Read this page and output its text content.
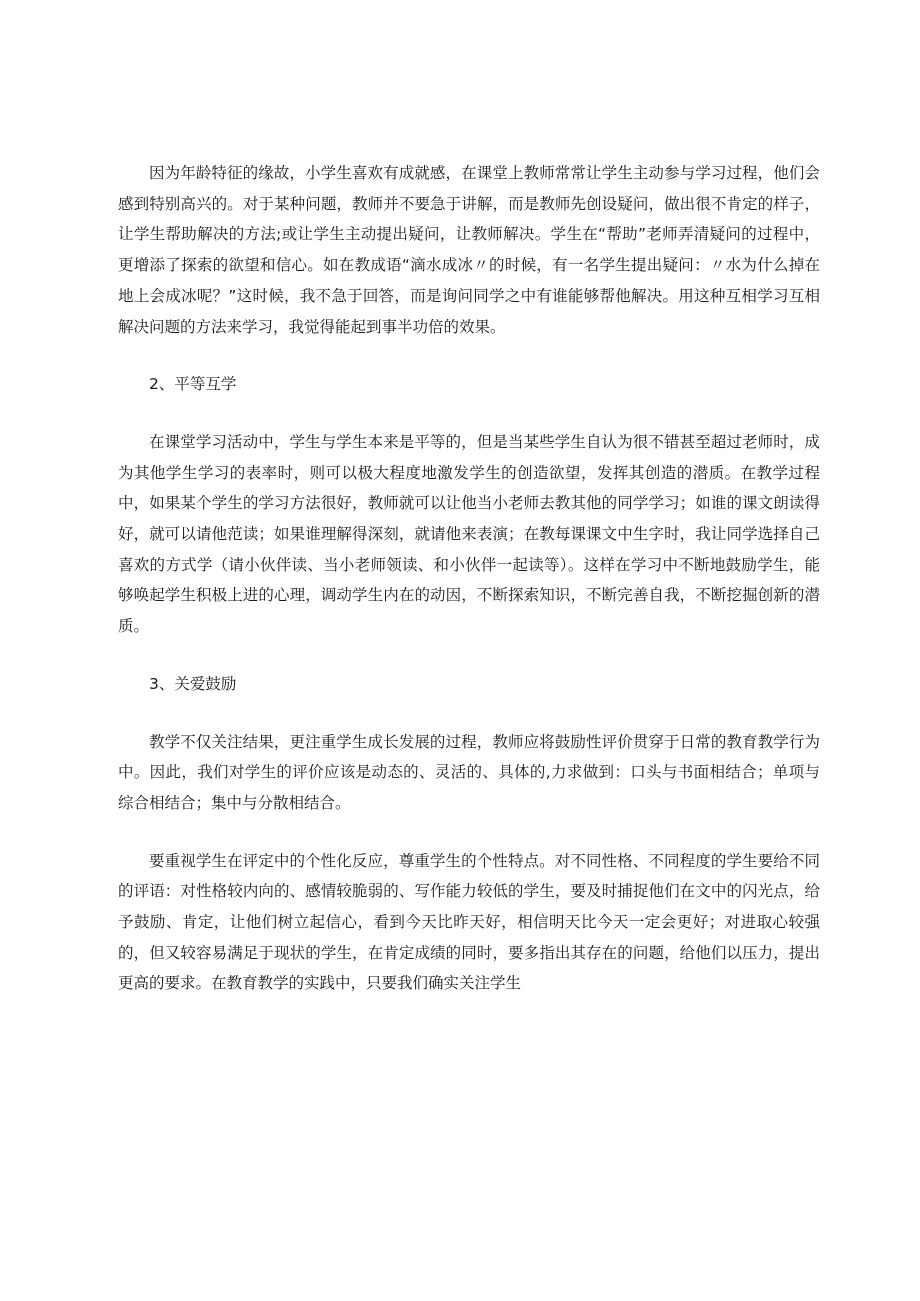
因为年龄特征的缘故，小学生喜欢有成就感，在课堂上教师常常让学生主动参与学习过程，他们会感到特别高兴的。对于某种问题，教师并不要急于讲解，而是教师先创设疑问，做出很不肯定的样子，让学生帮助解决的方法;或让学生主动提出疑问，让教师解决。学生在“帮助”老师弄清疑问的过程中，更增添了探索的欲望和信心。如在教成语“滴水成冰〃的时候，有一名学生提出疑问：〃水为什么掉在地上会成冰呢？”这时候，我不急于回答，而是询问同学之中有谁能够帮他解决。用这种互相学习互相解决问题的方法来学习，我觉得能起到事半功倍的效果。

2、平等互学

在课堂学习活动中，学生与学生本来是平等的，但是当某些学生自认为很不错甚至超过老师时，成为其他学生学习的表率时，则可以极大程度地激发学生的创造欲望，发挥其创造的潜质。在教学过程中，如果某个学生的学习方法很好，教师就可以让他当小老师去教其他的同学学习；如谁的课文朗读得好，就可以请他范读；如果谁理解得深刻，就请他来表演；在教每课课文中生字时，我让同学选择自己喜欢的方式学（请小伙伴读、当小老师领读、和小伙伴一起读等）。这样在学习中不断地鼓励学生，能够唤起学生积极上进的心理，调动学生内在的动因，不断探索知识，不断完善自我，不断挖掘创新的潜质。

3、关爱鼓励

教学不仅关注结果，更注重学生成长发展的过程，教师应将鼓励性评价贯穿于日常的教育教学行为中。因此，我们对学生的评价应该是动态的、灵活的、具体的,力求做到：口头与书面相结合；单项与综合相结合；集中与分散相结合。

要重视学生在评定中的个性化反应，尊重学生的个性特点。对不同性格、不同程度的学生要给不同的评语：对性格较内向的、感情较脆弱的、写作能力较低的学生，要及时捕捉他们在文中的闪光点，给予鼓励、肯定，让他们树立起信心，看到今天比昨天好，相信明天比今天一定会更好；对进取心较强的，但又较容易满足于现状的学生，在肯定成绩的同时，要多指出其存在的问题，给他们以压力，提出更高的要求。在教育教学的实践中，只要我们确实关注学生
